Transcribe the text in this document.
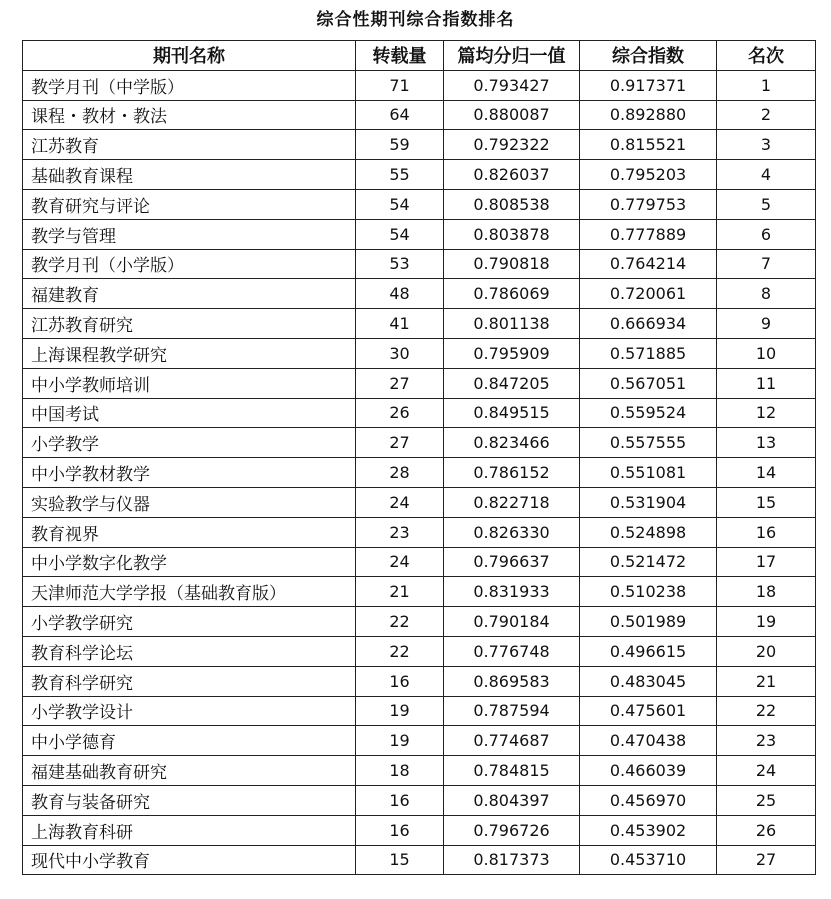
综合性期刊综合指数排名
期刊名称	转载量	篇均分归一值	综合指数	名次
教学月刊（中学版）	71	0.793427	0.917371	1
课程・教材・教法	64	0.880087	0.892880	2
江苏教育	59	0.792322	0.815521	3
基础教育课程	55	0.826037	0.795203	4
教育研究与评论	54	0.808538	0.779753	5
教学与管理	54	0.803878	0.777889	6
教学月刊（小学版）	53	0.790818	0.764214	7
福建教育	48	0.786069	0.720061	8
江苏教育研究	41	0.801138	0.666934	9
上海课程教学研究	30	0.795909	0.571885	10
中小学教师培训	27	0.847205	0.567051	11
中国考试	26	0.849515	0.559524	12
小学教学	27	0.823466	0.557555	13
中小学教材教学	28	0.786152	0.551081	14
实验教学与仪器	24	0.822718	0.531904	15
教育视界	23	0.826330	0.524898	16
中小学数字化教学	24	0.796637	0.521472	17
天津师范大学学报（基础教育版）	21	0.831933	0.510238	18
小学教学研究	22	0.790184	0.501989	19
教育科学论坛	22	0.776748	0.496615	20
教育科学研究	16	0.869583	0.483045	21
小学教学设计	19	0.787594	0.475601	22
中小学德育	19	0.774687	0.470438	23
福建基础教育研究	18	0.784815	0.466039	24
教育与装备研究	16	0.804397	0.456970	25
上海教育科研	16	0.796726	0.453902	26
现代中小学教育	15	0.817373	0.453710	27
